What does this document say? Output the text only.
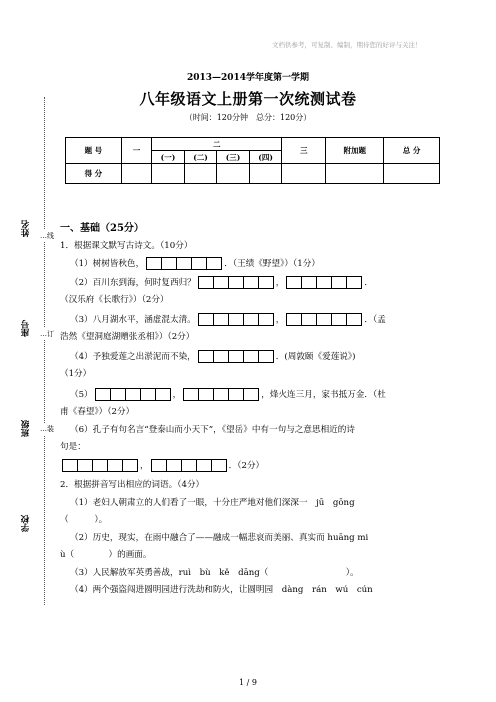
文档供参考，可复制、编制，期待您的好评与关注！
姓名
座号
班级
学校
…线
…订
…装
2013—2014学年度第一学期
八年级语文上册第一次统测试卷
（时间：120分钟　总分：120分）
题 号	一	二				三	附加题	总 分
		(一)	(二)	(三)	(四)			
得 分								
一、基础（25分）
1．根据课文默写古诗文。（10分）
（1）树树皆秋色，	．（王绩《野望》）（1分）
（2）百川东到海，何时复西归？	，	．
（汉乐府《长歌行》）（2分）
（3）八月湖水平，涵虚混太清。	，	．（孟
浩然《望洞庭湖赠张丞相》）（2分）
（4）予独爱莲之出淤泥而不染，	．(周敦颐《爱莲说》)
（1分）
（5）	，	，烽火连三月，家书抵万金．（杜
甫《春望》）（2分）
（6）孔子有句名言“登泰山而小天下”，《望岳》中有一句与之意思相近的诗
句是：
，	．（2分）
2．根据拼音写出相应的词语。（4分）
（1）老妇人朝肃立的人们看了一眼，十分庄严地对他们深深一　jū　gōng
（　　　）。
（2）历史，现实，在雨中融合了——融成一幅悲哀而美丽、真实而 huāng mi
ù（　　　　）的画面。
（3）人民解放军英勇善战，ruì　bù　kě　dāng（　　　　　　　　　）。
（4）两个强盗闯进圆明园进行洗劫和防火，让圆明园　dàng　rán　wú　cún
1 / 9
